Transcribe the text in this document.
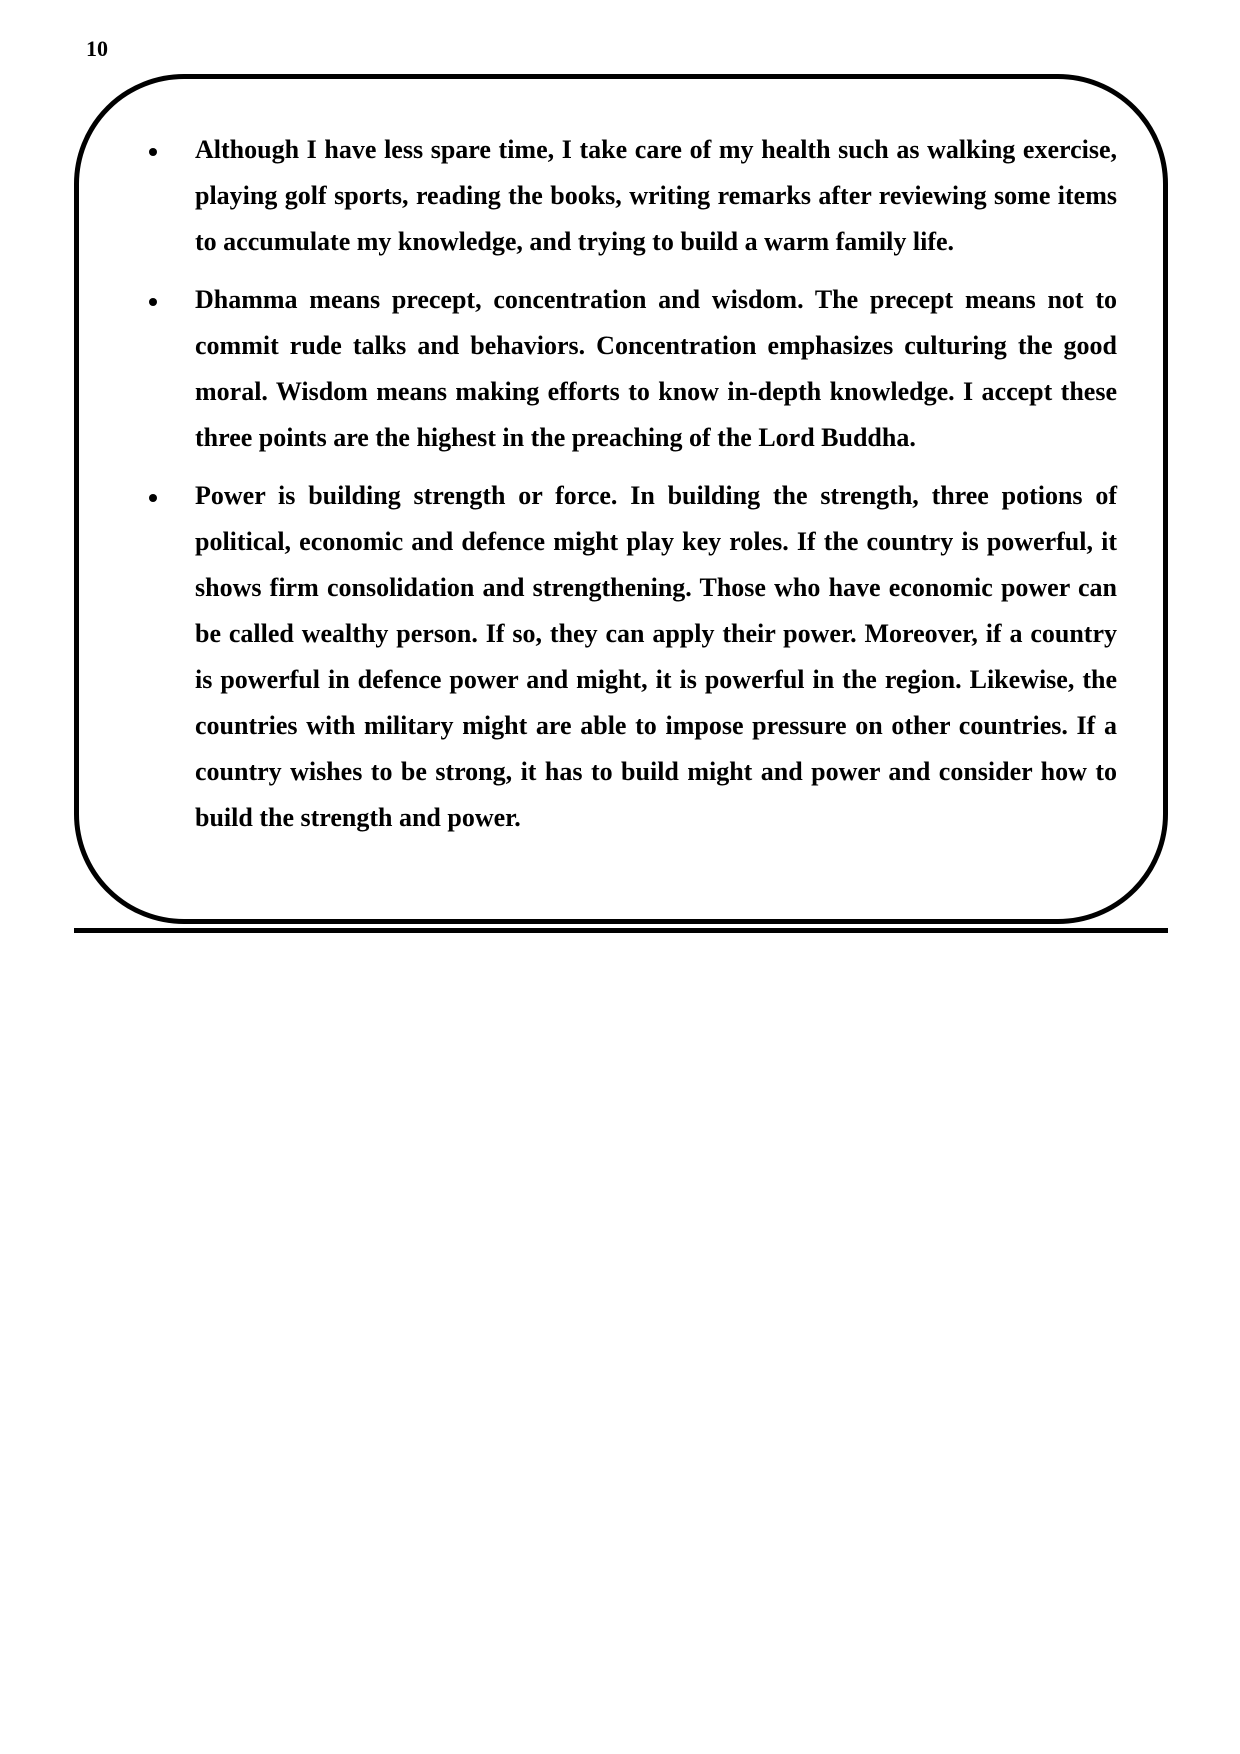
10
Although I have less spare time, I take care of my health such as walking exercise, playing golf sports, reading the books, writing remarks after reviewing some items to accumulate my knowledge, and trying to build a warm family life.
Dhamma means precept, concentration and wisdom. The precept means not to commit rude talks and behaviors. Concentration emphasizes culturing the good moral. Wisdom means making efforts to know in-depth knowledge. I accept these three points are the highest in the preaching of the Lord Buddha.
Power is building strength or force. In building the strength, three potions of political, economic and defence might play key roles. If the country is powerful, it shows firm consolidation and strengthening. Those who have economic power can be called wealthy person. If so, they can apply their power. Moreover, if a country is powerful in defence power and might, it is powerful in the region. Likewise, the countries with military might are able to impose pressure on other countries. If a country wishes to be strong, it has to build might and power and consider how to build the strength and power.
